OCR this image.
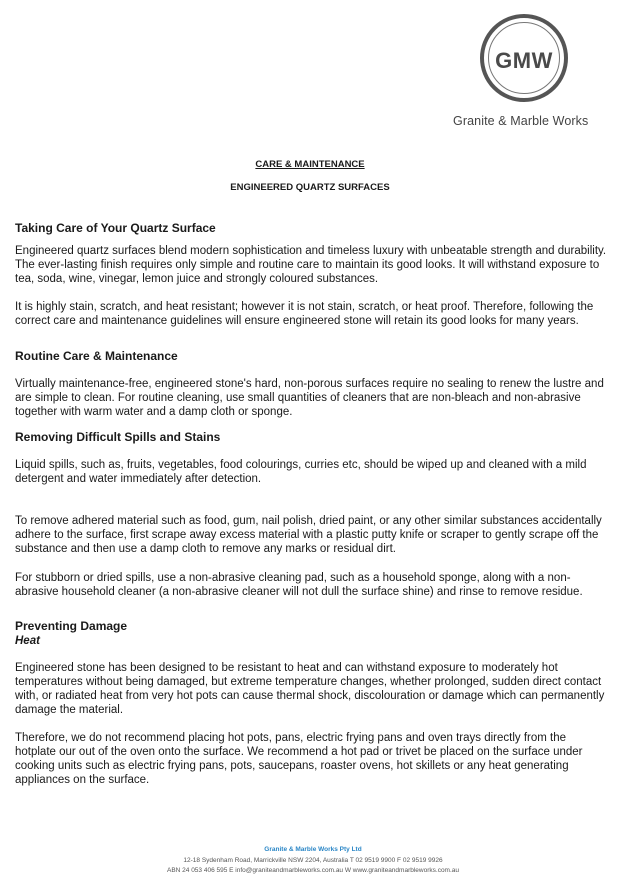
GMW
Granite & Marble Works
CARE & MAINTENANCE
ENGINEERED QUARTZ SURFACES
Taking Care of Your Quartz Surface

Engineered quartz surfaces blend modern sophistication and timeless luxury with unbeatable strength and durability. The ever-lasting finish requires only simple and routine care to maintain its good looks. It will withstand exposure to tea, soda, wine, vinegar, lemon juice and strongly coloured substances.

It is highly stain, scratch, and heat resistant; however it is not stain, scratch, or heat proof. Therefore, following the correct care and maintenance guidelines will ensure engineered stone will retain its good looks for many years.

Routine Care & Maintenance

Virtually maintenance-free, engineered stone's hard, non-porous surfaces require no sealing to renew the lustre and are simple to clean. For routine cleaning, use small quantities of cleaners that are non-bleach and non-abrasive together with warm water and a damp cloth or sponge.

Removing Difficult Spills and Stains

Liquid spills, such as, fruits, vegetables, food colourings, curries etc, should be wiped up and cleaned with a mild detergent and water immediately after detection.

To remove adhered material such as food, gum, nail polish, dried paint, or any other similar substances accidentally adhere to the surface, first scrape away excess material with a plastic putty knife or scraper to gently scrape off the substance and then use a damp cloth to remove any marks or residual dirt.

For stubborn or dried spills, use a non-abrasive cleaning pad, such as a household sponge, along with a non-abrasive household cleaner (a non-abrasive cleaner will not dull the surface shine) and rinse to remove residue.

Preventing Damage
Heat

Engineered stone has been designed to be resistant to heat and can withstand exposure to moderately hot temperatures without being damaged, but extreme temperature changes, whether prolonged, sudden direct contact with, or radiated heat from very hot pots can cause thermal shock, discolouration or damage which can permanently damage the material.

Therefore, we do not recommend placing hot pots, pans, electric frying pans and oven trays directly from the hotplate our out of the oven onto the surface. We recommend a hot pad or trivet be placed on the surface under cooking units such as electric frying pans, pots, saucepans, roaster ovens, hot skillets or any heat generating appliances on the surface.

Granite & Marble Works Pty Ltd
12-18 Sydenham Road, Marrickville NSW 2204, Australia T 02 9519 9900 F 02 9519 9926
ABN 24 053 406 595 E info@graniteandmarbleworks.com.au W www.graniteandmarbleworks.com.au
